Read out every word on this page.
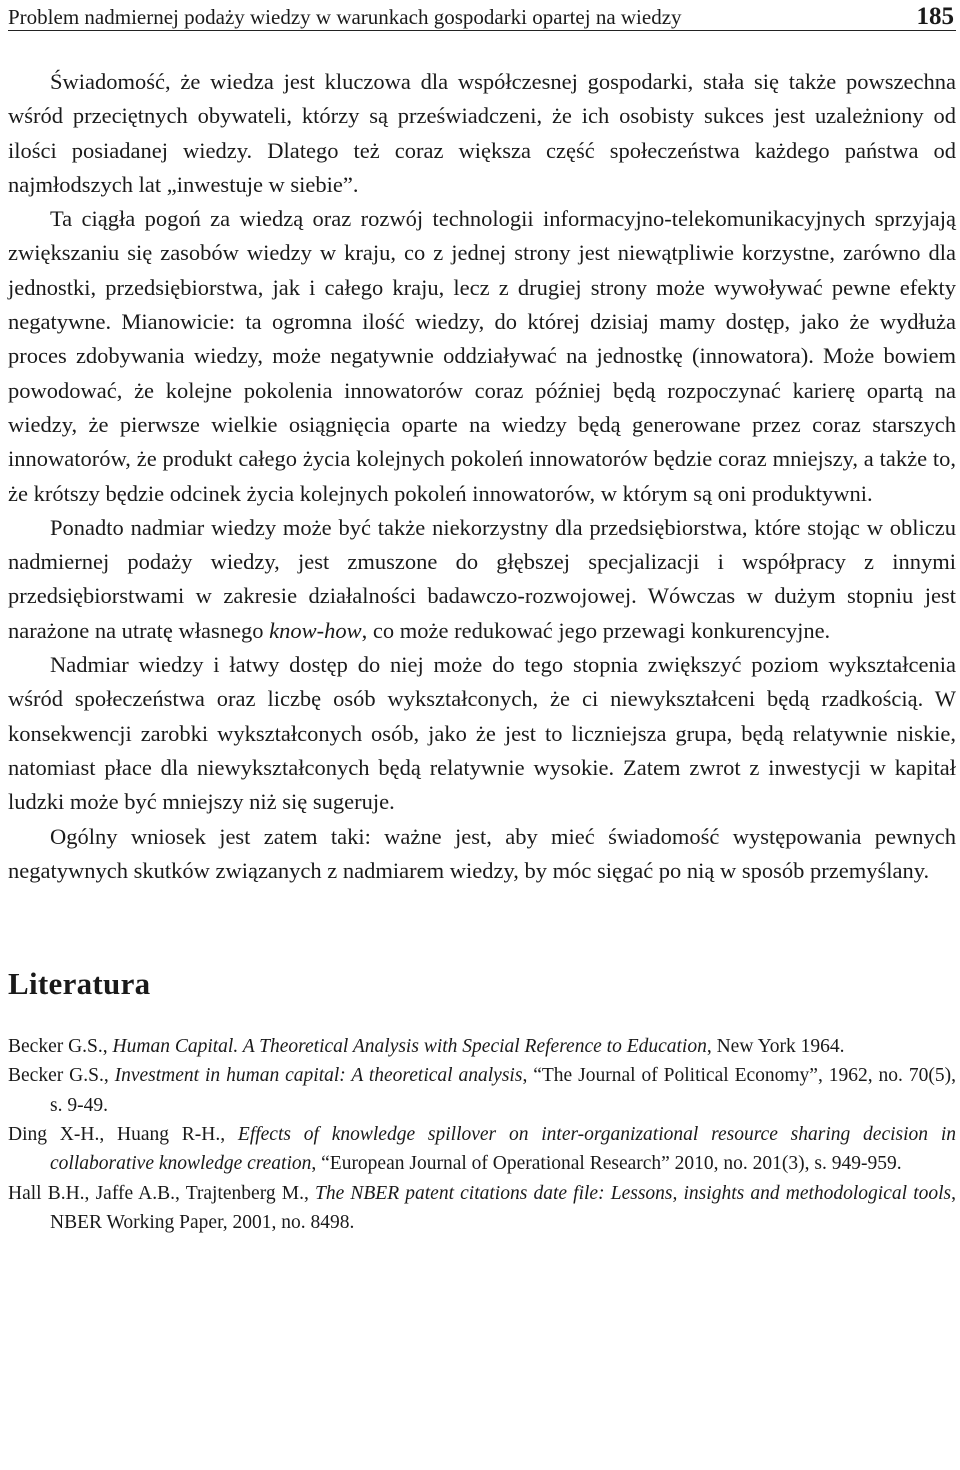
Problem nadmiernej podaży wiedzy w warunkach gospodarki opartej na wiedzy	185

Świadomość, że wiedza jest kluczowa dla współczesnej gospodarki, stała się także powszechna wśród przeciętnych obywateli, którzy są przeświadczeni, że ich osobisty sukces jest uzależniony od ilości posiadanej wiedzy. Dlatego też coraz większa część społeczeństwa każdego państwa od najmłodszych lat „inwestuje w siebie”.

Ta ciągła pogoń za wiedzą oraz rozwój technologii informacyjno-telekomunikacyjnych sprzyjają zwiększaniu się zasobów wiedzy w kraju, co z jednej strony jest niewątpliwie korzystne, zarówno dla jednostki, przedsiębiorstwa, jak i całego kraju, lecz z drugiej strony może wywoływać pewne efekty negatywne. Mianowicie: ta ogromna ilość wiedzy, do której dzisiaj mamy dostęp, jako że wydłuża proces zdobywania wiedzy, może negatywnie oddziaływać na jednostkę (innowatora). Może bowiem powodować, że kolejne pokolenia innowatorów coraz później będą rozpoczynać karierę opartą na wiedzy, że pierwsze wielkie osiągnięcia oparte na wiedzy będą generowane przez coraz starszych innowatorów, że produkt całego życia kolejnych pokoleń innowatorów będzie coraz mniejszy, a także to, że krótszy będzie odcinek życia kolejnych pokoleń innowatorów, w którym są oni produktywni.

Ponadto nadmiar wiedzy może być także niekorzystny dla przedsiębiorstwa, które stojąc w obliczu nadmiernej podaży wiedzy, jest zmuszone do głębszej specjalizacji i współpracy z innymi przedsiębiorstwami w zakresie działalności badawczo-rozwojowej. Wówczas w dużym stopniu jest narażone na utratę własnego know-how, co może redukować jego przewagi konkurencyjne.

Nadmiar wiedzy i łatwy dostęp do niej może do tego stopnia zwiększyć poziom wykształcenia wśród społeczeństwa oraz liczbę osób wykształconych, że ci niewykształceni będą rzadkością. W konsekwencji zarobki wykształconych osób, jako że jest to liczniejsza grupa, będą relatywnie niskie, natomiast płace dla niewykształconych będą relatywnie wysokie. Zatem zwrot z inwestycji w kapitał ludzki może być mniejszy niż się sugeruje.

Ogólny wniosek jest zatem taki: ważne jest, aby mieć świadomość występowania pewnych negatywnych skutków związanych z nadmiarem wiedzy, by móc sięgać po nią w sposób przemyślany.

Literatura

Becker G.S., Human Capital. A Theoretical Analysis with Special Reference to Education, New York 1964.

Becker G.S., Investment in human capital: A theoretical analysis, “The Journal of Political Economy”, 1962, no. 70(5), s. 9-49.

Ding X-H., Huang R-H., Effects of knowledge spillover on inter-organizational resource sharing decision in collaborative knowledge creation, “European Journal of Operational Research” 2010, no. 201(3), s. 949-959.

Hall B.H., Jaffe A.B., Trajtenberg M., The NBER patent citations date file: Lessons, insights and methodological tools, NBER Working Paper, 2001, no. 8498.
